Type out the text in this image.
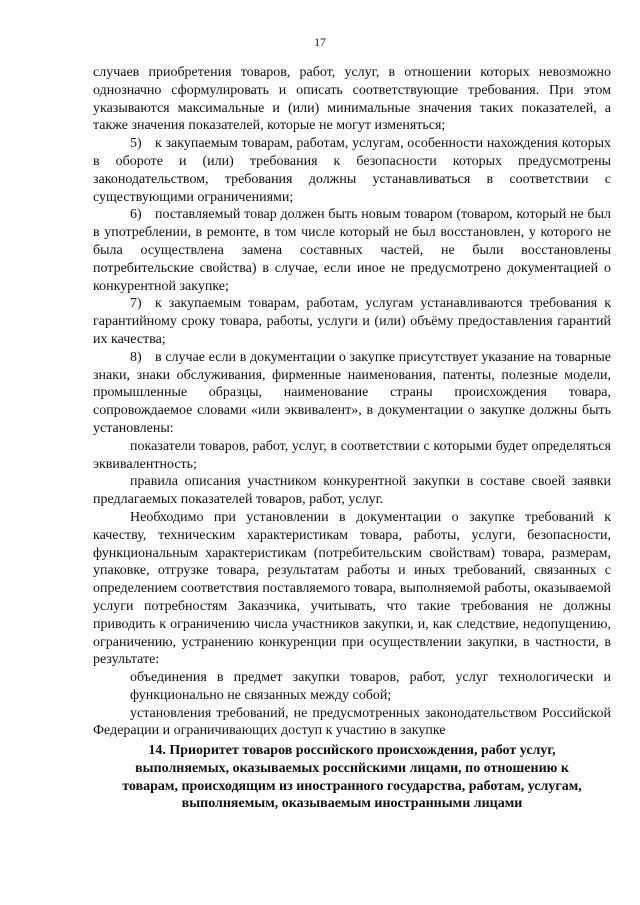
17

случаев приобретения товаров, работ, услуг, в отношении которых невозможно однозначно сформулировать и описать соответствующие требования. При этом указываются максимальные и (или) минимальные значения таких показателей, а также значения показателей, которые не могут изменяться;

5) к закупаемым товарам, работам, услугам, особенности нахождения которых в обороте и (или) требования к безопасности которых предусмотрены законодательством, требования должны устанавливаться в соответствии с существующими ограничениями;

6) поставляемый товар должен быть новым товаром (товаром, который не был в употреблении, в ремонте, в том числе который не был восстановлен, у которого не была осуществлена замена составных частей, не были восстановлены потребительские свойства) в случае, если иное не предусмотрено документацией о конкурентной закупке;

7) к закупаемым товарам, работам, услугам устанавливаются требования к гарантийному сроку товара, работы, услуги и (или) объёму предоставления гарантий их качества;

8) в случае если в документации о закупке присутствует указание на товарные знаки, знаки обслуживания, фирменные наименования, патенты, полезные модели, промышленные образцы, наименование страны происхождения товара, сопровождаемое словами «или эквивалент», в документации о закупке должны быть установлены:

показатели товаров, работ, услуг, в соответствии с которыми будет определяться эквивалентность;

правила описания участником конкурентной закупки в составе своей заявки предлагаемых показателей товаров, работ, услуг.

Необходимо при установлении в документации о закупке требований к качеству, техническим характеристикам товара, работы, услуги, безопасности, функциональным характеристикам (потребительским свойствам) товара, размерам, упаковке, отгрузке товара, результатам работы и иных требований, связанных с определением соответствия поставляемого товара, выполняемой работы, оказываемой услуги потребностям Заказчика, учитывать, что такие требования не должны приводить к ограничению числа участников закупки, и, как следствие, недопущению, ограничению, устранению конкуренции при осуществлении закупки, в частности, в результате:

объединения в предмет закупки товаров, работ, услуг технологически и функционально не связанных между собой;

установления требований, не предусмотренных законодательством Российской Федерации и ограничивающих доступ к участию в закупке

14. Приоритет товаров российского происхождения, работ услуг,
выполняемых, оказываемых российскими лицами, по отношению к
товарам, происходящим из иностранного государства, работам, услугам,
выполняемым, оказываемым иностранными лицами
